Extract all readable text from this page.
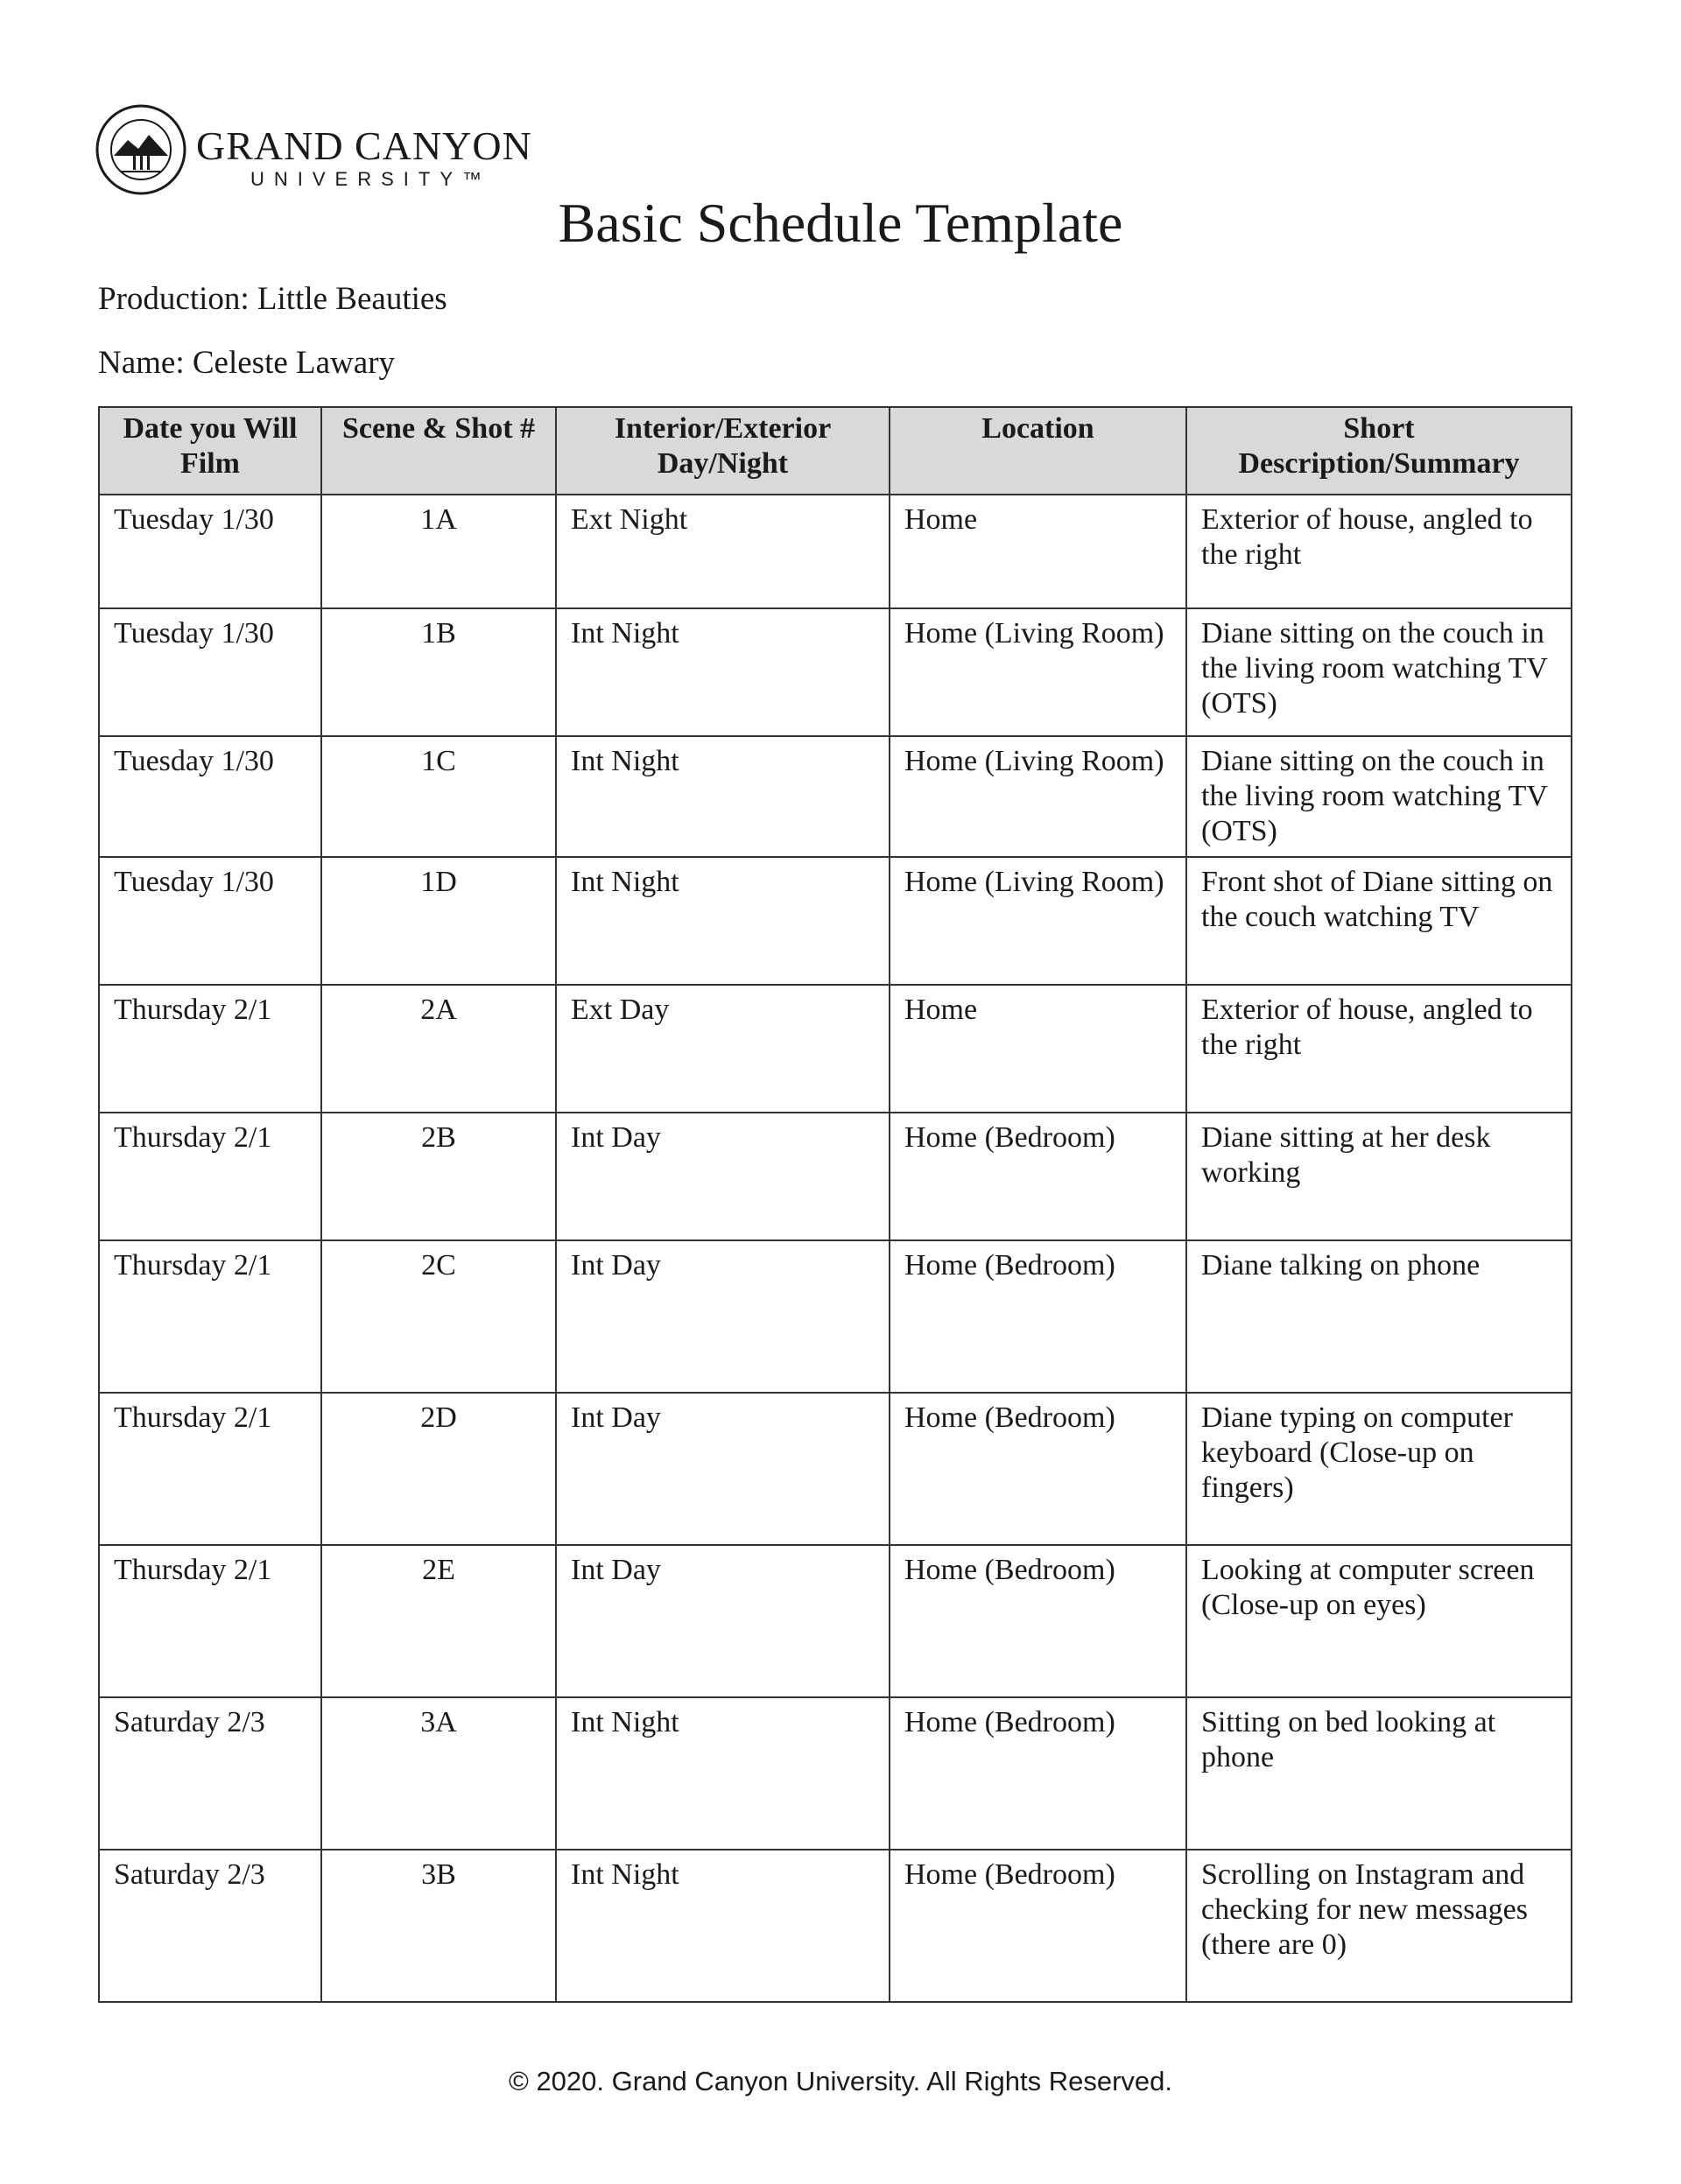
GRAND CANYON
UNIVERSITY™
Basic Schedule Template
Production: Little Beauties
Name: Celeste Lawary
Date you Will Film	Scene & Shot #	Interior/Exterior Day/Night	Location	Short Description/Summary
Tuesday 1/30	1A	Ext Night	Home	Exterior of house, angled to the right
Tuesday 1/30	1B	Int Night	Home (Living Room)	Diane sitting on the couch in the living room watching TV (OTS)
Tuesday 1/30	1C	Int Night	Home (Living Room)	Diane sitting on the couch in the living room watching TV (OTS)
Tuesday 1/30	1D	Int Night	Home (Living Room)	Front shot of Diane sitting on the couch watching TV
Thursday 2/1	2A	Ext Day	Home	Exterior of house, angled to the right
Thursday 2/1	2B	Int Day	Home (Bedroom)	Diane sitting at her desk working
Thursday 2/1	2C	Int Day	Home (Bedroom)	Diane talking on phone
Thursday 2/1	2D	Int Day	Home (Bedroom)	Diane typing on computer keyboard (Close-up on fingers)
Thursday 2/1	2E	Int Day	Home (Bedroom)	Looking at computer screen (Close-up on eyes)
Saturday 2/3	3A	Int Night	Home (Bedroom)	Sitting on bed looking at phone
Saturday 2/3	3B	Int Night	Home (Bedroom)	Scrolling on Instagram and checking for new messages (there are 0)
© 2020. Grand Canyon University. All Rights Reserved.
